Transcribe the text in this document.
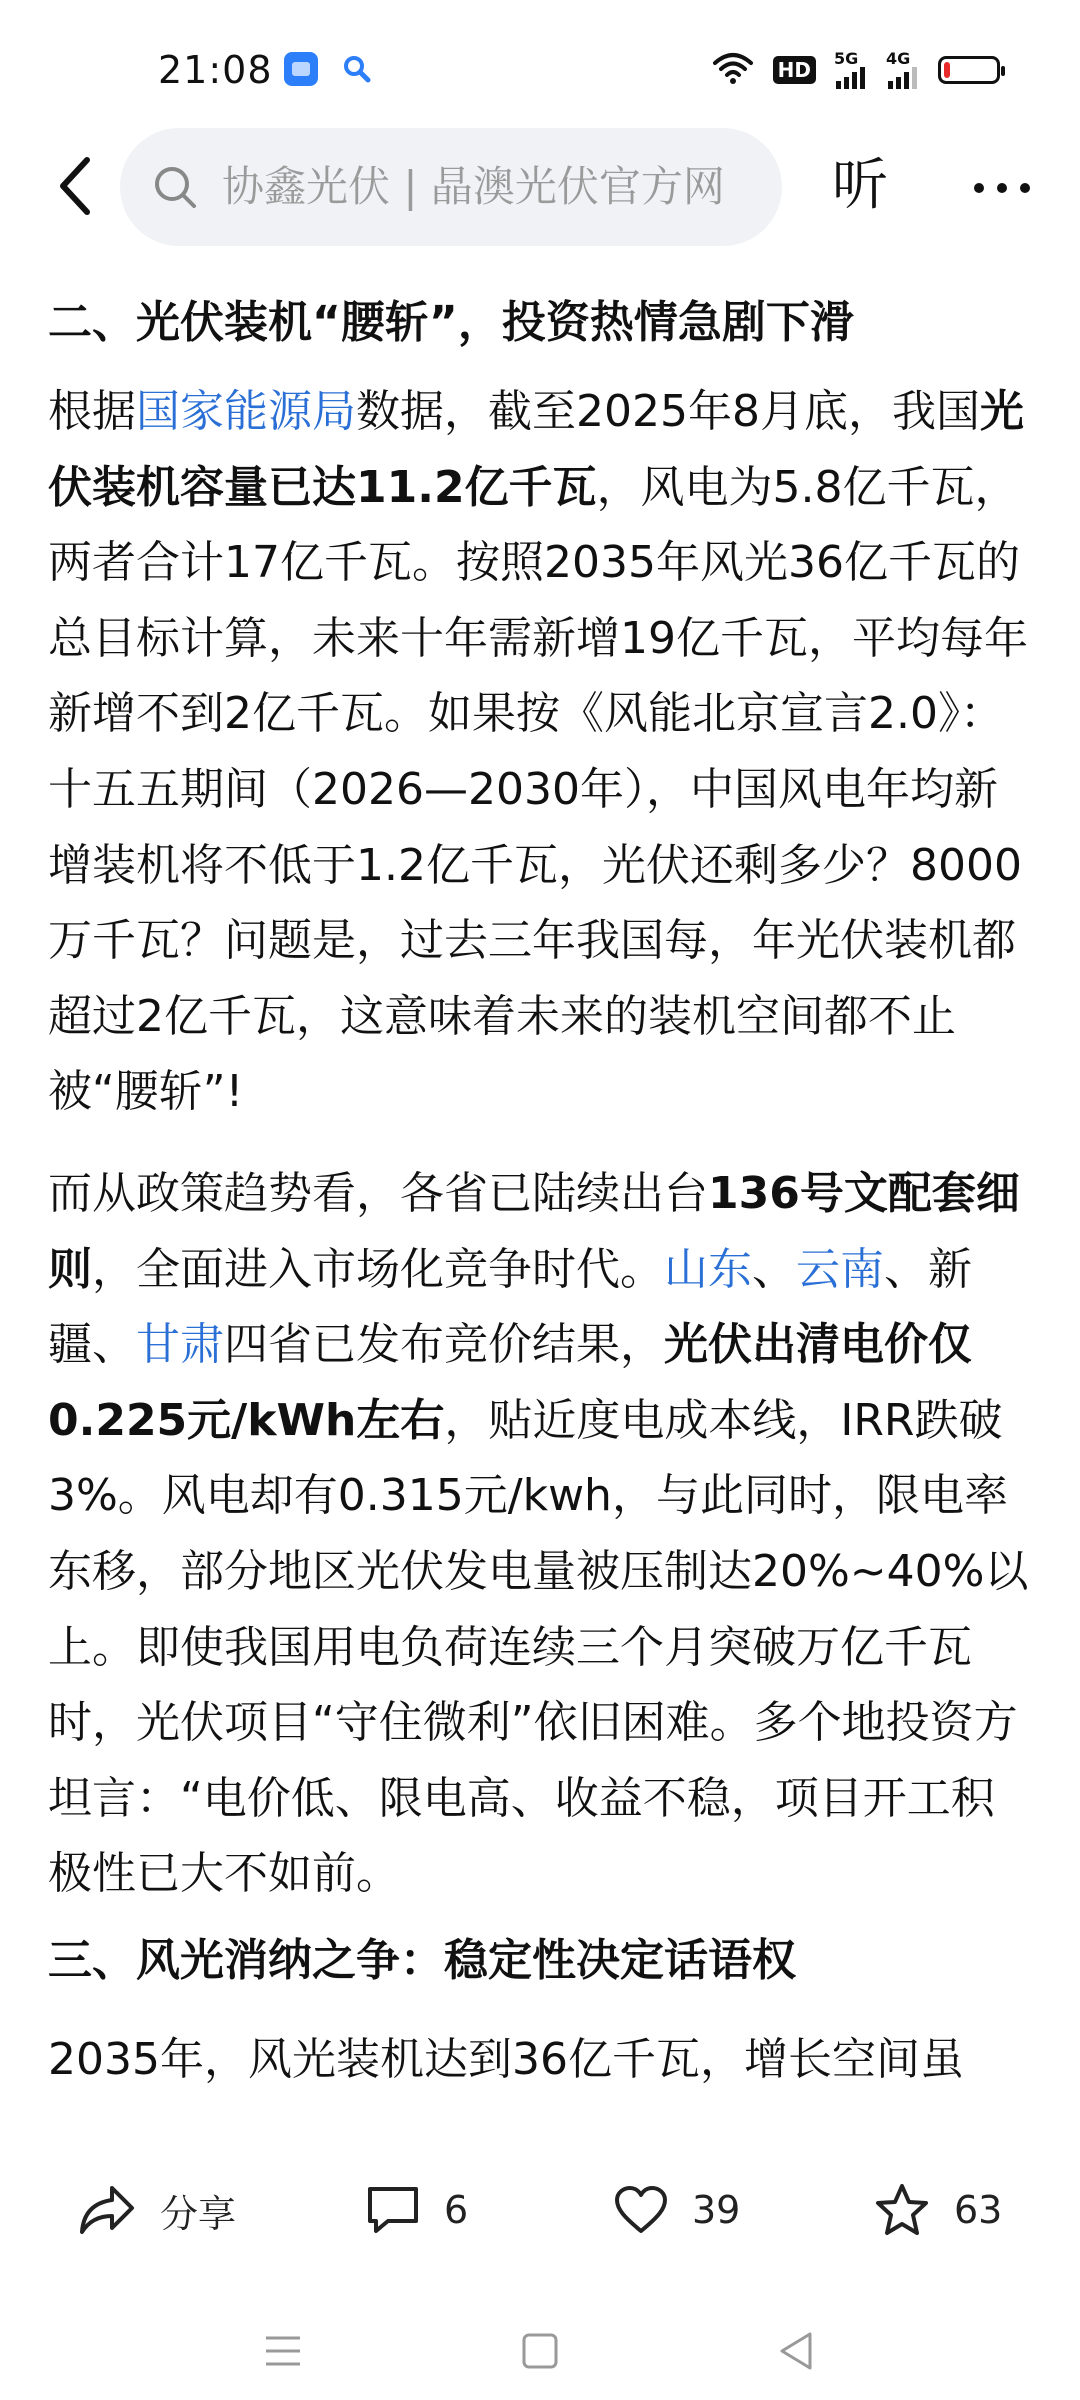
21:08	HD	5G 4G
协鑫光伏 | 晶澳光伏官方网	听
二、光伏装机“腰斩”，投资热情急剧下滑

根据国家能源局数据，截至2025年8月底，我国光伏装机容量已达11.2亿千瓦，风电为5.8亿千瓦，两者合计17亿千瓦。按照2035年风光36亿千瓦的总目标计算，未来十年需新增19亿千瓦，平均每年新增不到2亿千瓦。如果按《风能北京宣言2.0》：十五五期间（2026—2030年），中国风电年均新增装机将不低于1.2亿千瓦，光伏还剩多少？8000万千瓦？问题是，过去三年我国每，年光伏装机都超过2亿千瓦，这意味着未来的装机空间都不止被“腰斩”!

而从政策趋势看，各省已陆续出台136号文配套细则，全面进入市场化竞争时代。山东、云南、新疆、甘肃四省已发布竞价结果，光伏出清电价仅0.225元/kWh左右，贴近度电成本线，IRR跌破3%。风电却有0.315元/kwh，与此同时，限电率东移，部分地区光伏发电量被压制达20%~40%以上。即使我国用电负荷连续三个月突破万亿千瓦时，光伏项目“守住微利”依旧困难。多个地投资方坦言：“电价低、限电高、收益不稳，项目开工积极性已大不如前。

三、风光消纳之争：稳定性决定话语权

2035年，风光装机达到36亿千瓦，增长空间虽

分享	6	39	63
